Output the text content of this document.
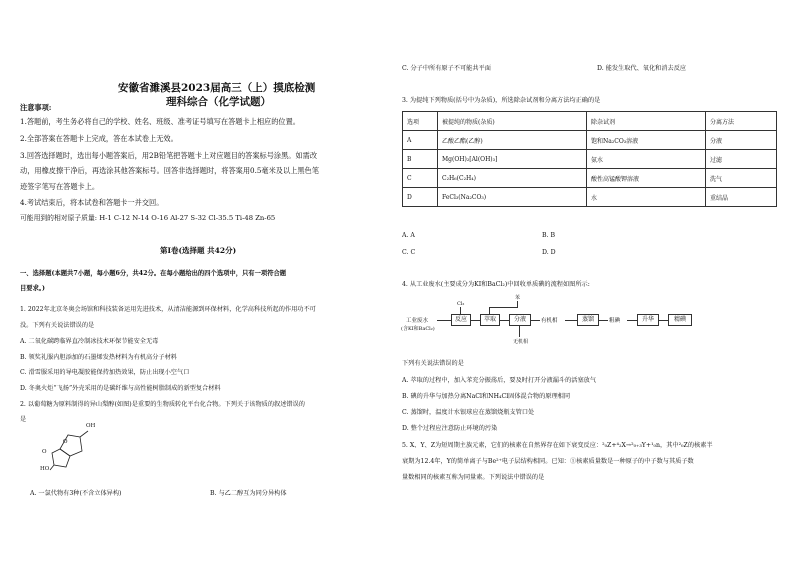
安徽省濉溪县2023届高三（上）摸底检测
理科综合（化学试题）
注意事项:
1.答题前，考生务必将自己的学校、姓名、班级、准考证号填写在答题卡上相应的位置。
2.全部答案在答题卡上完成，答在本试卷上无效。
3.回答选择题时，选出每小题答案后，用2B铅笔把答题卡上对应题目的答案标号涂黑。如需改
动，用橡皮擦干净后，再选涂其他答案标号。回答非选择题时，将答案用0.5毫米及以上黑色笔
迹签字笔写在答题卡上。
4.考试结束后，将本试卷和答题卡一并交回。
可能用到的相对原子质量: H-1 C-12 N-14 O-16 Al-27 S-32 Cl-35.5 Ti-48 Zn-65
第Ⅰ卷(选择题 共42分)
一、选择题(本题共7小题，每小题6分，共42分。在每小题给出的四个选项中，只有一项符合题
目要求。)
1. 2022年北京冬奥会场馆和科技装备运用先进技术，从清洁能源到环保材料，化学高科技所起的作用功不可
没。下列有关说法错误的是
A. 二氧化碳跨临界直冷制冰技术环保节能安全无毒
B. 领奖礼服内胆添加的石墨烯发热材料为有机高分子材料
C. 滑雪服采用的导电凝胶能保持加热效果，防止出现小空气口
D. 冬奥火炬“飞扬”外壳采用的是碳纤维与高性能树脂制成的新型复合材料
2. 以葡萄糖为原料制得的异山梨醇(如图)是重要的生物质转化平台化合物。下列关于该物质的叙述错误的
是
OH
O
O
HO
A. 一氯代物有3种(不含立体异构)	B. 与乙二醇互为同分异构体
C. 分子中所有原子不可能共平面	D. 能发生取代、氧化和消去反应
3. 为提纯下列物质(括号中为杂质)，所选除杂试剂和分离方法均正确的是
选项	被提纯的物质(杂质)	除杂试剂	分离方法
A	乙酸乙酯(乙醇)	饱和Na₂CO₃溶液	分液
B	Mg(OH)₂[Al(OH)₃]	氨水	过滤
C	C₂H₆(C₂H₄)	酸性高锰酸钾溶液	洗气
D	FeCl₃(Na₂CO₃)	水	重结晶
A. A	B. B
C. C	D. D
4. 从工业废水(主要成分为KI和BaCl₂)中回收单质碘的流程如图所示:
工业废水
(含KI和BaCl₂)
反应
Cl₂
萃取
苯
分液
无机相
有机相	蒸馏	粗碘	升华	精碘
下列有关说法错误的是
A. 萃取的过程中，加入苯充分振荡后，要及时打开分液漏斗的活塞放气
B. 碘的升华与加热分离NaCl和NH₄Cl固体混合物的原理相同
C. 蒸馏时，温度计水银球应在蒸馏烧瓶支管口处
D. 整个过程应注意防止环境的污染
5. X、Y、Z为短周期主族元素，它们的核素在自然界存在如下衰变反应：²₀Z+⁴₂X→²₀₊₃Y+¹₀n，其中²₀Z的核素半
衰期为12.4年，Y的简单离子与Be²⁺电子层结构相同。已知：①核素质量数是一种原子的中子数与其质子数
量数相同的核素互称为同量素。下列说法中错误的是
